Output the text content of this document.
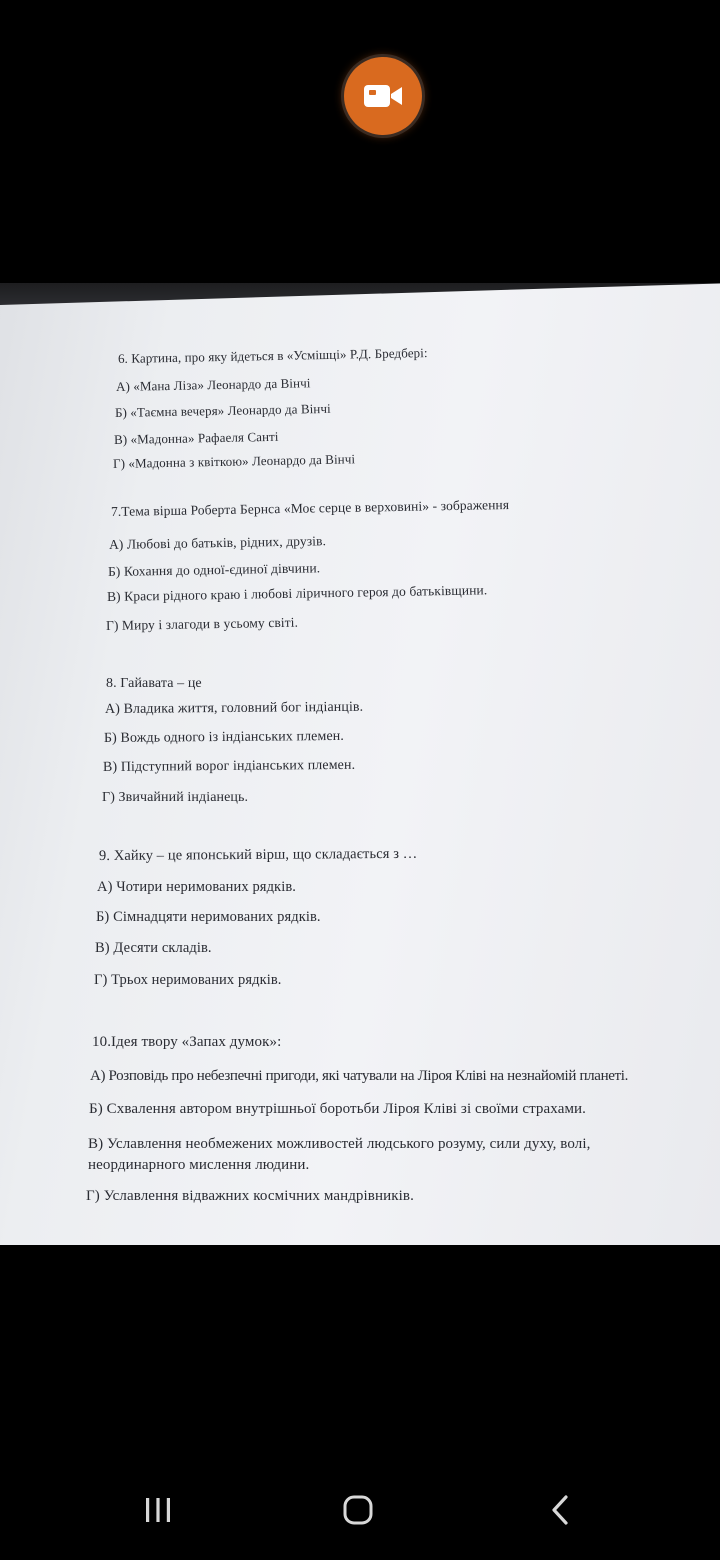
6. Картина, про яку йдеться в «Усмішці» Р.Д. Бредбері:
А) «Мана Ліза» Леонардо да Вінчі
Б) «Таємна вечеря» Леонардо да Вінчі
В) «Мадонна» Рафаеля Санті
Г) «Мадонна з квіткою» Леонардо да Вінчі
7.Тема вірша Роберта Бернса «Моє серце в верховині» - зображення
А) Любові до батьків, рідних, друзів.
Б) Кохання до одної-єдиної дівчини.
В) Краси рідного краю і любові ліричного героя до батьківщини.
Г) Миру і злагоди в усьому світі.
8. Гайавата – це
А) Владика життя, головний бог індіанців.
Б) Вождь одного із індіанських племен.
В) Підступний ворог індіанських племен.
Г) Звичайний індіанець.
9. Хайку – це японський вірш, що складається з …
А) Чотири неримованих рядків.
Б) Сімнадцяти неримованих рядків.
В) Десяти складів.
Г) Трьох неримованих рядків.
10.Ідея твору «Запах думок»:
А) Розповідь про небезпечні пригоди, які чатували на Ліроя Кліві на незнайомій планеті.
Б) Схвалення автором внутрішньої боротьби Ліроя Кліві зі своїми страхами.
В) Уславлення необмежених можливостей людського розуму, сили духу, волі, неординарного мислення людини.
Г) Уславлення відважних космічних мандрівників.
